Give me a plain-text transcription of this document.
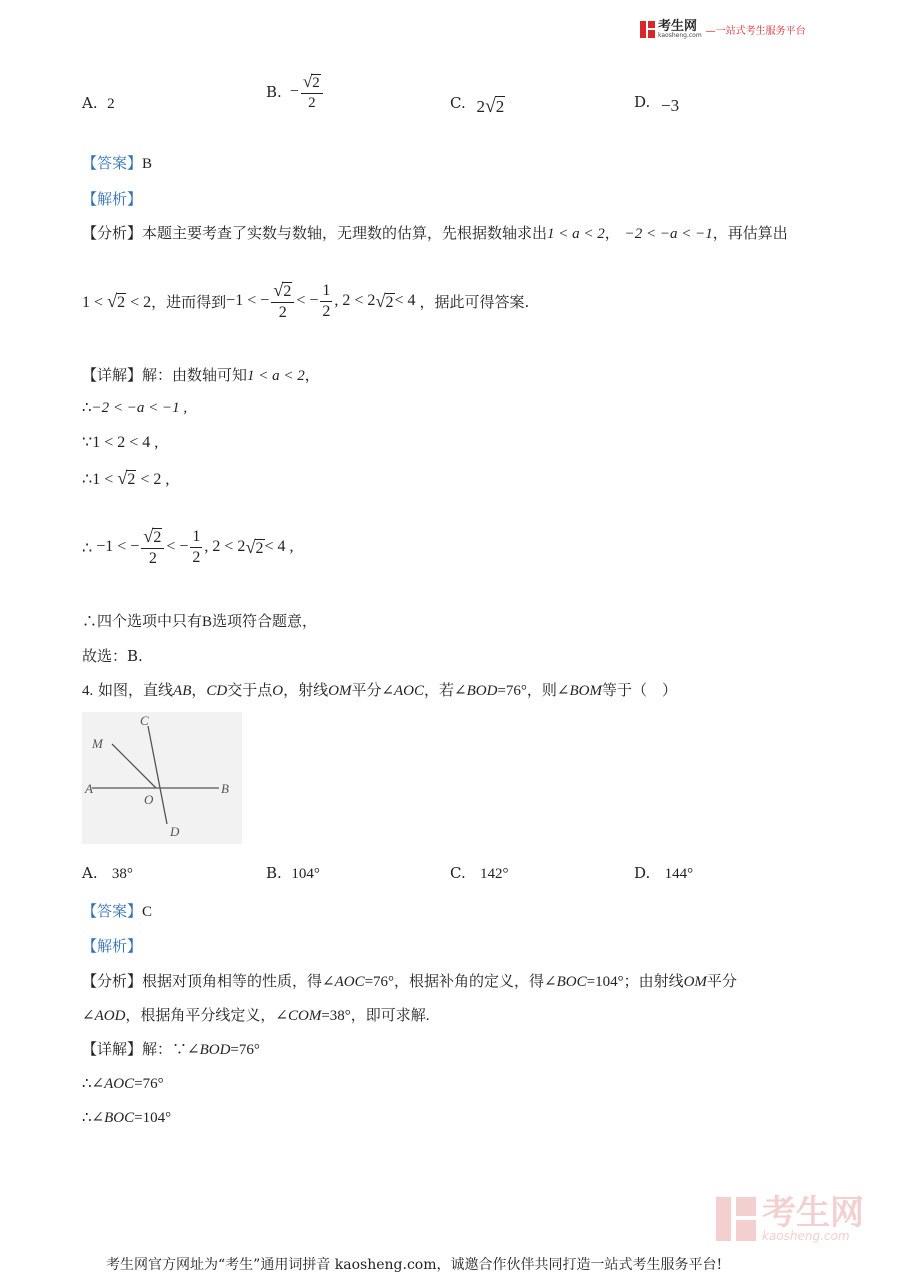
考生网
kaosheng.com —一站式考生服务平台
A. 2
B. − $\frac{√2}{2}$	C. 2√2	D. −3
【答案】B
【解析】
【分析】本题主要考查了实数与数轴，无理数的估算，先根据数轴求出1 < a < 2， −2 < −a < −1，再估算出
1 < √2 < 2 ，进而得到 −1 < − $\frac{√2}{2}$ < − $\frac{1}{2}$ , 2 < 2 √2 < 4 ，据此可得答案.
【详解】解：由数轴可知1 < a < 2，
∴−2 < −a < −1 ,
∵1 < 2 < 4 ,
∴1 < √2 < 2 ,
∴ −1 < − $\frac{√2}{2}$ < − $\frac{1}{2}$ , 2 < 2 √2 < 4 ,
∴四个选项中只有B选项符合题意，
故选：B.
4. 如图，直线AB，CD交于点O，射线OM平分∠AOC，若∠BOD=76°，则∠BOM等于（　）
M
C
A
O
B
D
A. 38°	B. 104°	C. 142°	D. 144°
【答案】C
【解析】
【分析】根据对顶角相等的性质，得∠AOC=76°，根据补角的定义，得∠BOC=104°；由射线OM平分
∠AOD，根据角平分线定义，∠COM=38°，即可求解.
【详解】解：∵∠BOD=76°
∴∠AOC=76°
∴∠BOC=104°
考生网
kaosheng.com
考生网官方网址为“考生”通用词拼音 kaosheng.com，诚邀合作伙伴共同打造一站式考生服务平台!
